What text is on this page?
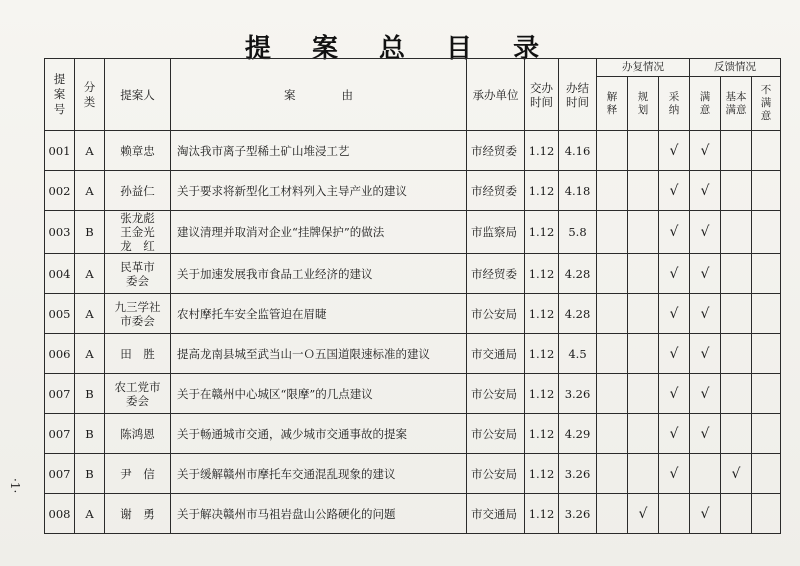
提 案 总 目 录
·1·
提案号	分类	提案人	案　　　　由	承办单位	交办时间	办结时间	办复情况			反馈情况		
							解释	规划	采纳	满意	基本满意	不满意
001	A	赖章忠	淘汰我市离子型稀土矿山堆浸工艺	市经贸委	1.12	4.16			√	√		
002	A	孙益仁	关于要求将新型化工材料列入主导产业的建议	市经贸委	1.12	4.18			√	√		
003	B	张龙彪
王金光
龙　红	建议清理并取消对企业“挂牌保护”的做法	市监察局	1.12	5.8			√	√		
004	A	民革市
委会	关于加速发展我市食品工业经济的建议	市经贸委	1.12	4.28			√	√		
005	A	九三学社
市委会	农村摩托车安全监管迫在眉睫	市公安局	1.12	4.28			√	√		
006	A	田　胜	提高龙南县城至武当山一Ｏ五国道限速标准的建议	市交通局	1.12	4.5			√	√		
007	B	农工党市
委会	关于在赣州中心城区“限摩”的几点建议	市公安局	1.12	3.26			√	√		
007	B	陈鸿恩	关于畅通城市交通，减少城市交通事故的提案	市公安局	1.12	4.29			√	√		
007	B	尹　信	关于缓解赣州市摩托车交通混乱现象的建议	市公安局	1.12	3.26			√		√	
008	A	谢　勇	关于解决赣州市马祖岩盘山公路硬化的问题	市交通局	1.12	3.26		√		√		
